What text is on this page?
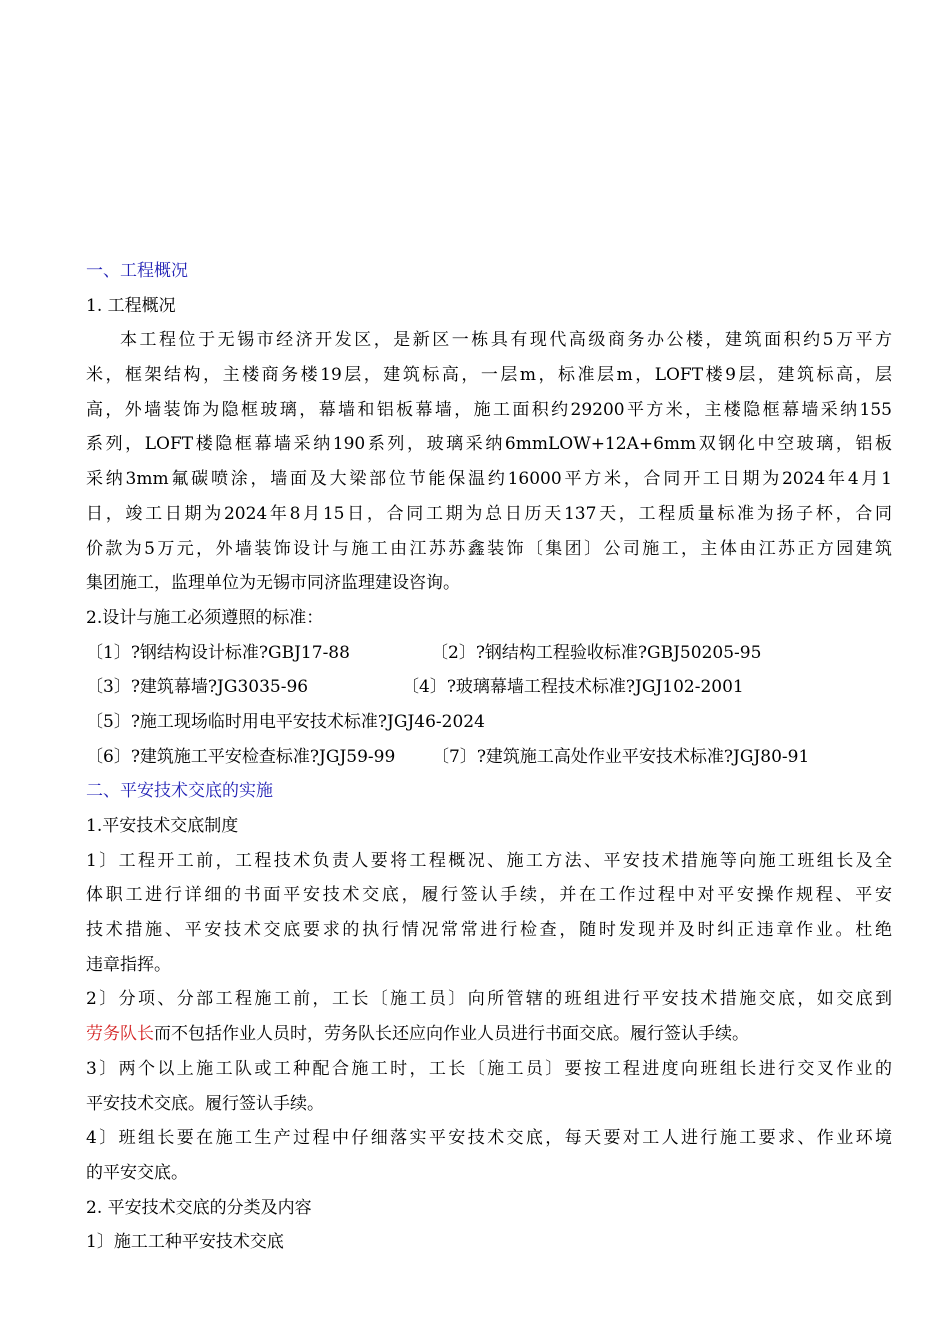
一、工程概况
1. 工程概况
本工程位于无锡市经济开发区，是新区一栋具有现代高级商务办公楼，建筑面积约5万平方
米，框架结构，主楼商务楼19层，建筑标高，一层m，标准层m，LOFT楼9层，建筑标高，层
高，外墙装饰为隐框玻璃，幕墙和铝板幕墙，施工面积约29200平方米，主楼隐框幕墙采纳155
系列，LOFT楼隐框幕墙采纳190系列，玻璃采纳6mmLOW+12A+6mm双钢化中空玻璃，铝板
采纳3mm氟碳喷涂，墙面及大梁部位节能保温约16000平方米，合同开工日期为2024年4月1
日，竣工日期为2024年8月15日，合同工期为总日历天137天，工程质量标准为扬子杯，合同
价款为5万元，外墙装饰设计与施工由江苏苏鑫装饰〔集团〕公司施工，主体由江苏正方园建筑
集团施工，监理单位为无锡市同济监理建设咨询。
2.设计与施工必须遵照的标准：
〔1〕?钢结构设计标准?GBJ17-88	〔2〕?钢结构工程验收标准?GBJ50205-95
〔3〕?建筑幕墙?JG3035-96	〔4〕?玻璃幕墙工程技术标准?JGJ102-2001
〔5〕?施工现场临时用电平安技术标准?JGJ46-2024
〔6〕?建筑施工平安检查标准?JGJ59-99	〔7〕?建筑施工高处作业平安技术标准?JGJ80-91
二、平安技术交底的实施
1.平安技术交底制度
1〕工程开工前，工程技术负责人要将工程概况、施工方法、平安技术措施等向施工班组长及全
体职工进行详细的书面平安技术交底，履行签认手续，并在工作过程中对平安操作规程、平安
技术措施、平安技术交底要求的执行情况常常进行检查，随时发现并及时纠正违章作业。杜绝
违章指挥。
2〕分项、分部工程施工前，工长〔施工员〕向所管辖的班组进行平安技术措施交底，如交底到
劳务队长而不包括作业人员时，劳务队长还应向作业人员进行书面交底。履行签认手续。
3〕两个以上施工队或工种配合施工时，工长〔施工员〕要按工程进度向班组长进行交叉作业的
平安技术交底。履行签认手续。
4〕班组长要在施工生产过程中仔细落实平安技术交底，每天要对工人进行施工要求、作业环境
的平安交底。
2. 平安技术交底的分类及内容
1〕施工工种平安技术交底
